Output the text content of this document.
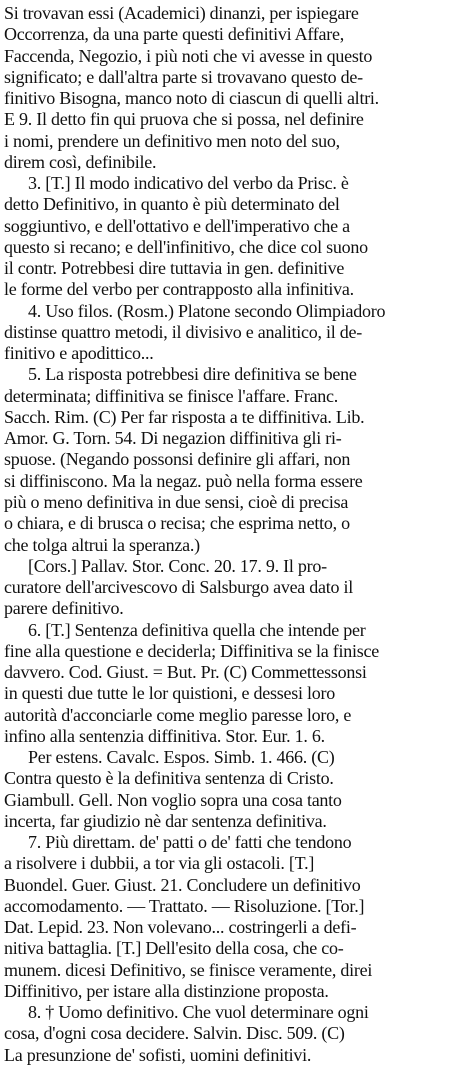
Si trovavan essi (Academici) dinanzi, per ispiegare
Occorrenza, da una parte questi definitivi Affare,
Faccenda, Negozio, i più noti che vi avesse in questo
significato; e dall'altra parte si trovavano questo de-
finitivo Bisogna, manco noto di ciascun di quelli altri.
E 9. Il detto fin qui pruova che si possa, nel definire
i nomi, prendere un definitivo men noto del suo,
direm così, definibile.
3. [T.] Il modo indicativo del verbo da Prisc. è
detto Definitivo, in quanto è più determinato del
soggiuntivo, e dell'ottativo e dell'imperativo che a
questo si recano; e dell'infinitivo, che dice col suono
il contr. Potrebbesi dire tuttavia in gen. definitive
le forme del verbo per contrapposto alla infinitiva.
4. Uso filos. (Rosm.) Platone secondo Olimpiadoro
distinse quattro metodi, il divisivo e analitico, il de-
finitivo e apodittico...
5. La risposta potrebbesi dire definitiva se bene
determinata; diffinitiva se finisce l'affare. Franc.
Sacch. Rim. (C) Per far risposta a te diffinitiva. Lib.
Amor. G. Torn. 54. Di negazion diffinitiva gli ri-
spuose. (Negando possonsi definire gli affari, non
si diffiniscono. Ma la negaz. può nella forma essere
più o meno definitiva in due sensi, cioè di precisa
o chiara, e di brusca o recisa; che esprima netto, o
che tolga altrui la speranza.)
[Cors.] Pallav. Stor. Conc. 20. 17. 9. Il pro-
curatore dell'arcivescovo di Salsburgo avea dato il
parere definitivo.
6. [T.] Sentenza definitiva quella che intende per
fine alla questione e deciderla; Diffinitiva se la finisce
davvero. Cod. Giust. = But. Pr. (C) Commettessonsi
in questi due tutte le lor quistioni, e dessesi loro
autorità d'acconciarle come meglio paresse loro, e
infino alla sentenzia diffinitiva. Stor. Eur. 1. 6.
Per estens. Cavalc. Espos. Simb. 1. 466. (C)
Contra questo è la definitiva sentenza di Cristo.
Giambull. Gell. Non voglio sopra una cosa tanto
incerta, far giudizio nè dar sentenza definitiva.
7. Più direttam. de' patti o de' fatti che tendono
a risolvere i dubbii, a tor via gli ostacoli. [T.]
Buondel. Guer. Giust. 21. Concludere un definitivo
accomodamento. — Trattato. — Risoluzione. [Tor.]
Dat. Lepid. 23. Non volevano... costringerli a defi-
nitiva battaglia. [T.] Dell'esito della cosa, che co-
munem. dicesi Definitivo, se finisce veramente, direi
Diffinitivo, per istare alla distinzione proposta.
8. † Uomo definitivo. Che vuol determinare ogni
cosa, d'ogni cosa decidere. Salvin. Disc. 509. (C)
La presunzione de' sofisti, uomini definitivi.
